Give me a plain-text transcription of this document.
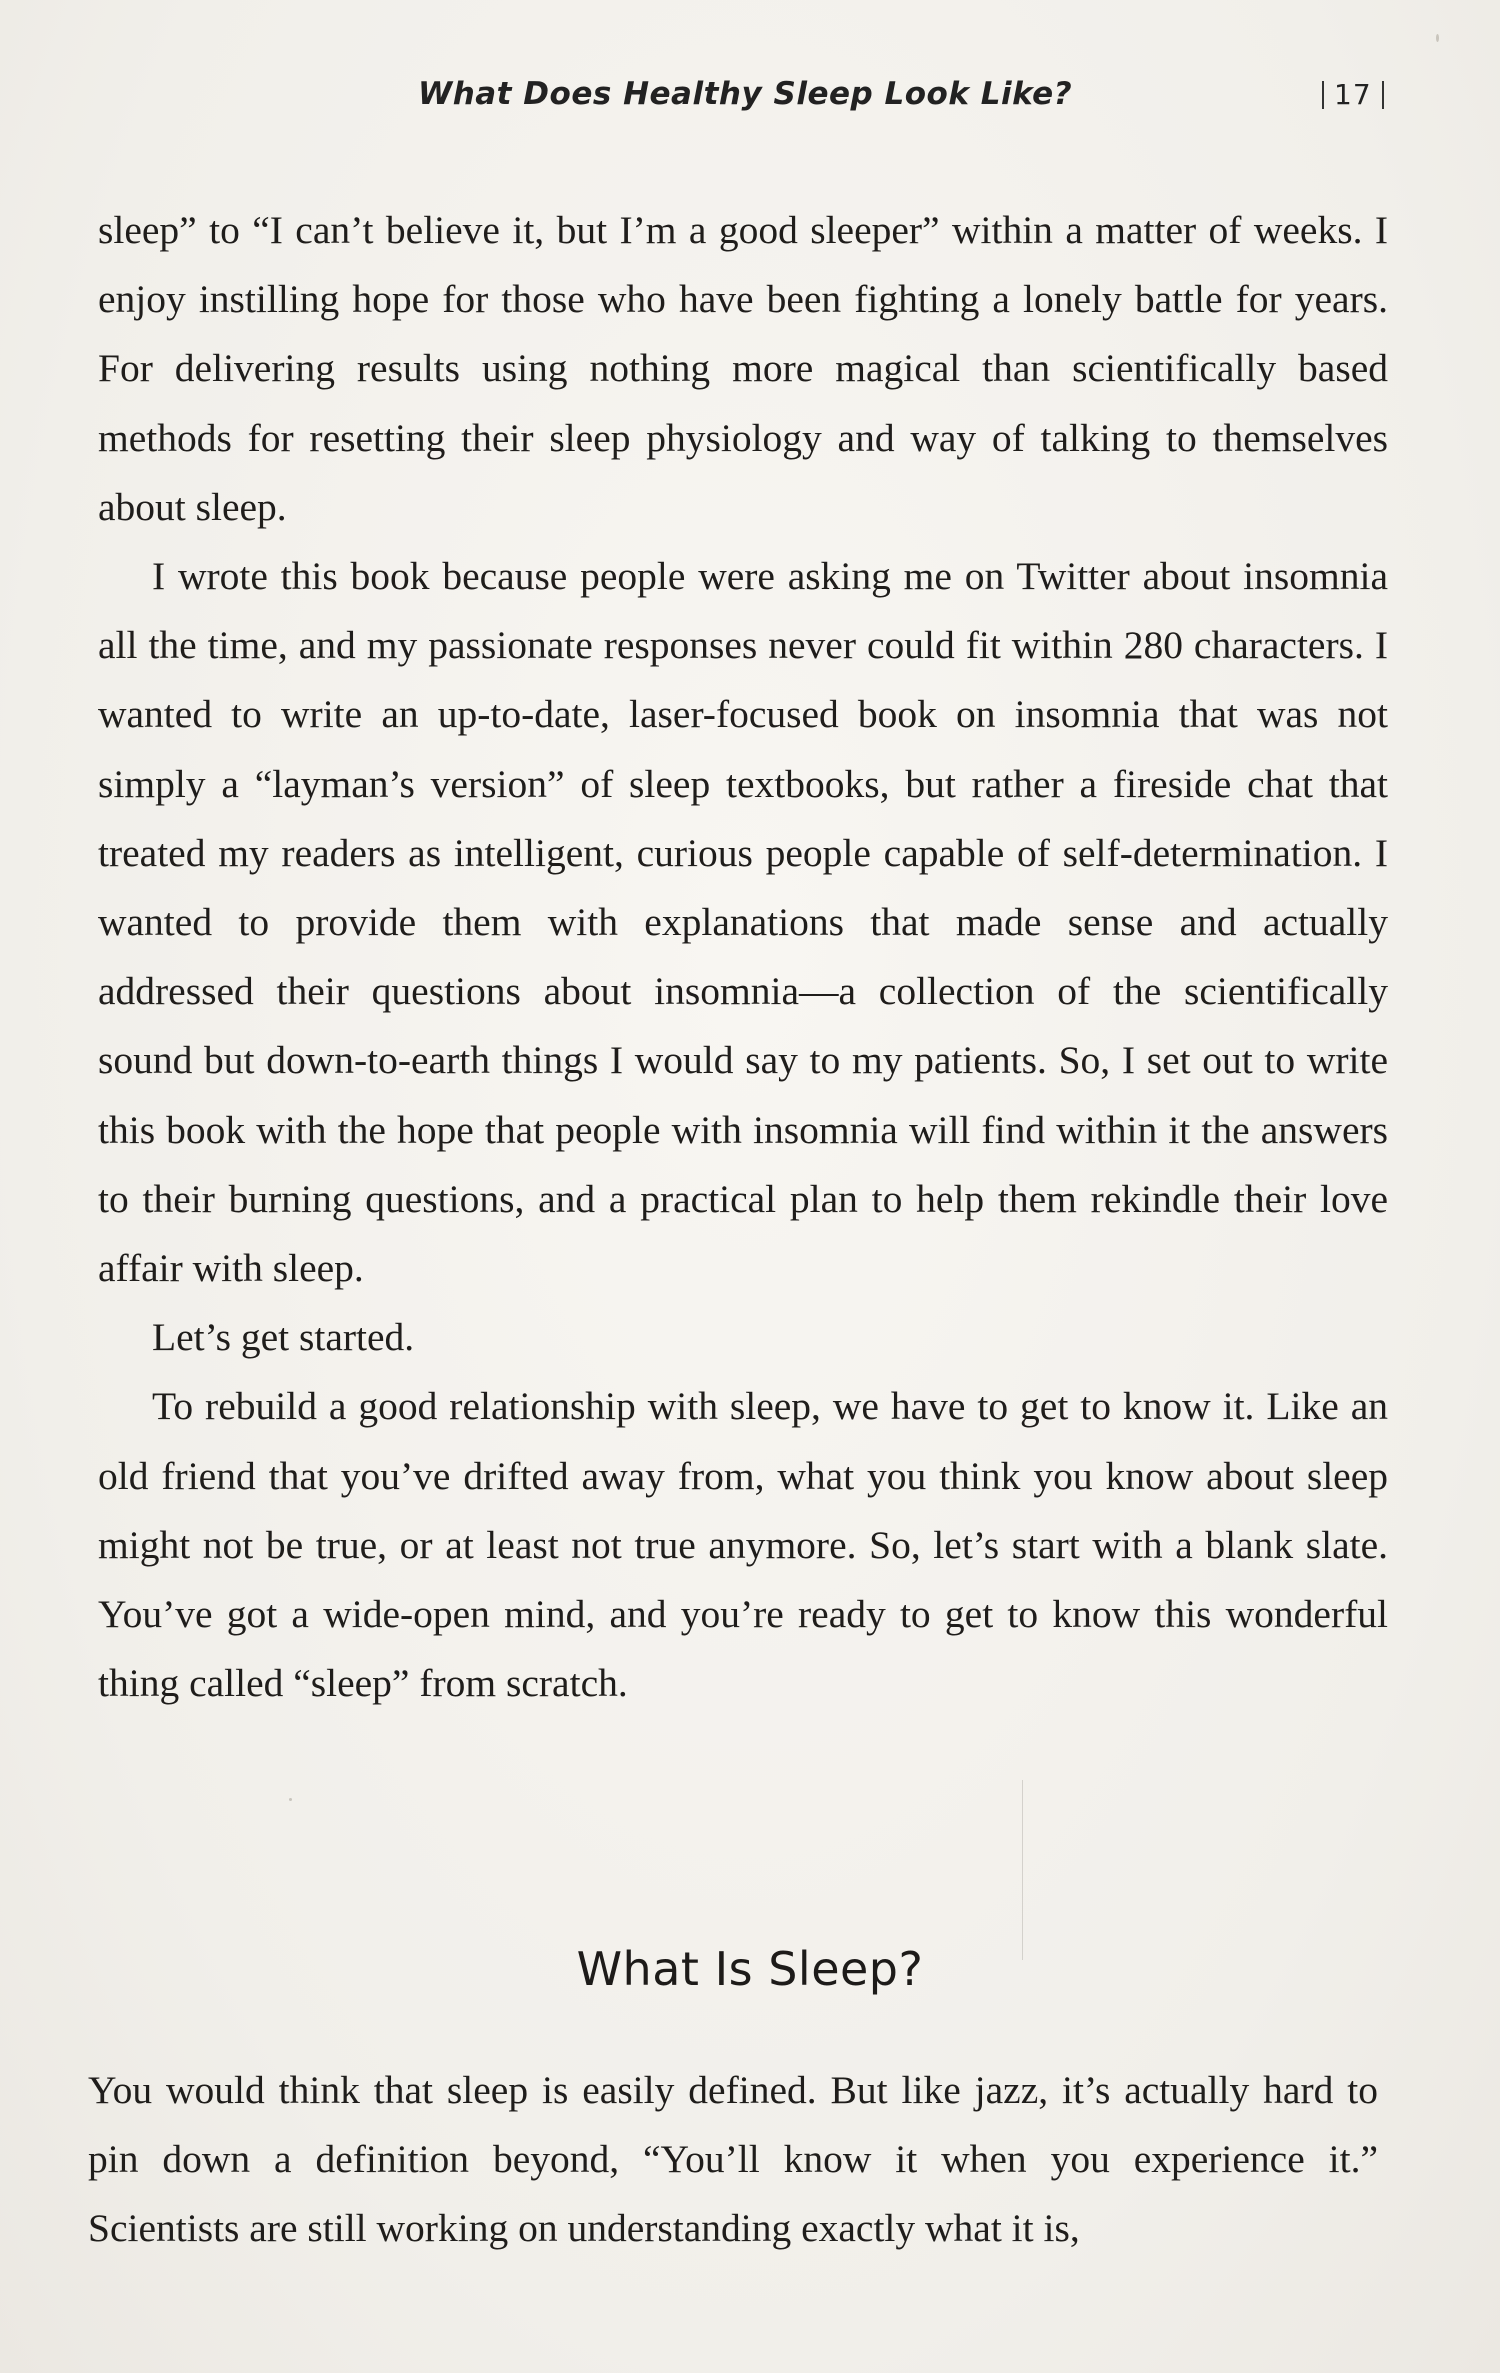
What Does Healthy Sleep Look Like?	17

sleep” to “I can’t believe it, but I’m a good sleeper” within a matter of weeks. I enjoy instilling hope for those who have been fighting a lonely battle for years. For delivering results using nothing more magical than scientifically based methods for resetting their sleep physiology and way of talking to themselves about sleep.

I wrote this book because people were asking me on Twitter about insomnia all the time, and my passionate responses never could fit within 280 characters. I wanted to write an up-to-date, laser-focused book on insomnia that was not simply a “layman’s version” of sleep textbooks, but rather a fireside chat that treated my readers as intelligent, curious people capable of self-determination. I wanted to provide them with explanations that made sense and actually addressed their questions about insomnia—a collection of the scientifically sound but down-to-earth things I would say to my patients. So, I set out to write this book with the hope that people with insomnia will find within it the answers to their burning questions, and a practical plan to help them rekindle their love affair with sleep.

Let’s get started.

To rebuild a good relationship with sleep, we have to get to know it. Like an old friend that you’ve drifted away from, what you think you know about sleep might not be true, or at least not true anymore. So, let’s start with a blank slate. You’ve got a wide-open mind, and you’re ready to get to know this wonderful thing called “sleep” from scratch.

What Is Sleep?

You would think that sleep is easily defined. But like jazz, it’s actually hard to pin down a definition beyond, “You’ll know it when you experience it.” Scientists are still working on understanding exactly what it is,
